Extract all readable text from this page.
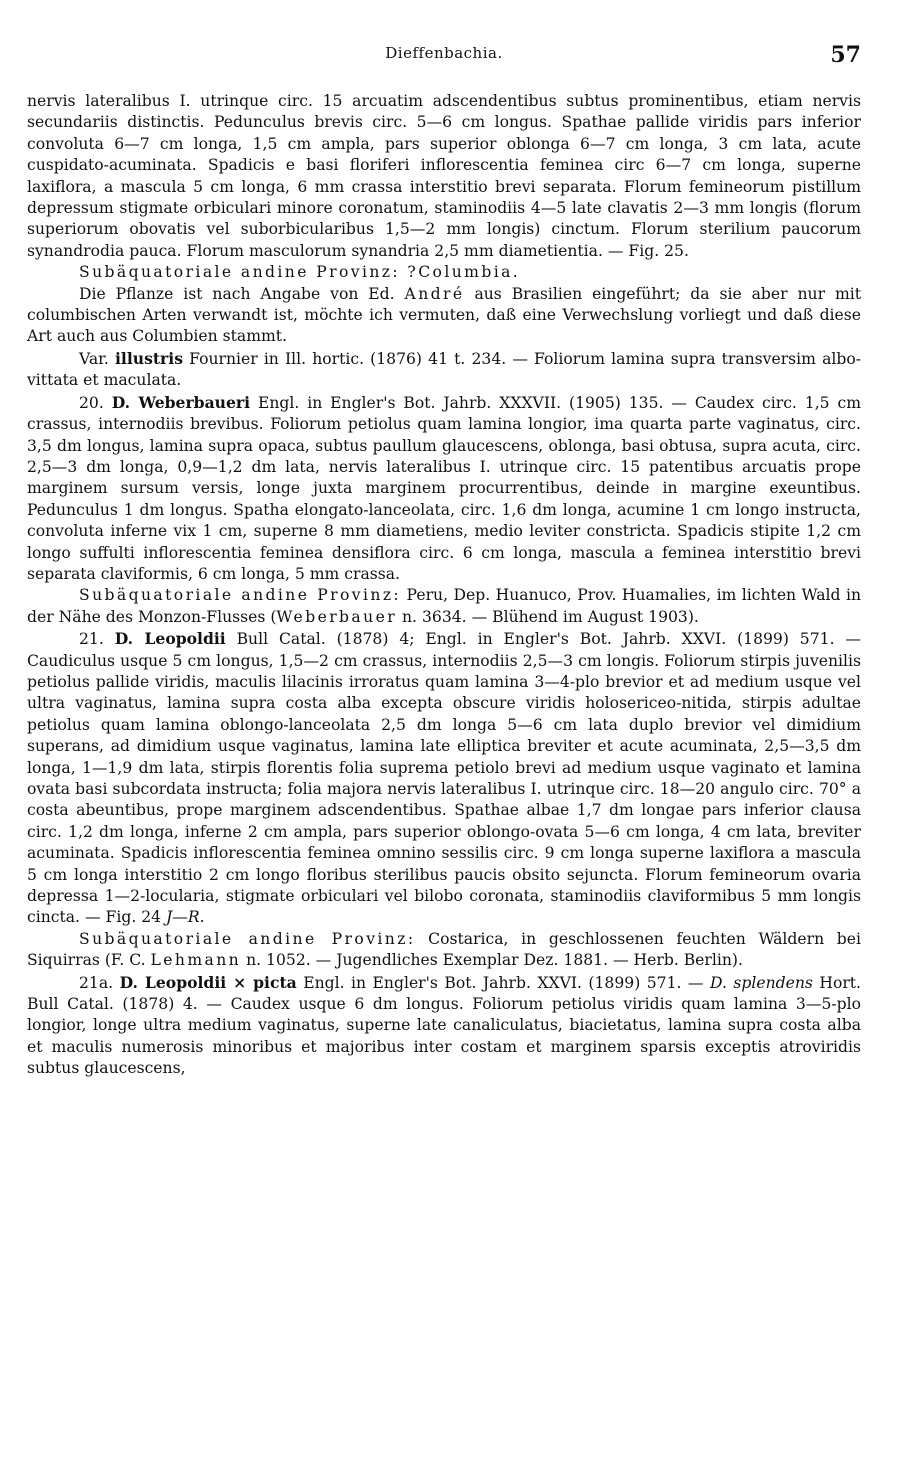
Dieffenbachia.	57

nervis lateralibus I. utrinque circ. 15 arcuatim adscendentibus subtus prominentibus, etiam nervis secundariis distinctis. Pedunculus brevis circ. 5—6 cm longus. Spathae pallide viridis pars inferior convoluta 6—7 cm longa, 1,5 cm ampla, pars superior oblonga 6—7 cm longa, 3 cm lata, acute cuspidato-acuminata. Spadicis e basi floriferi inflorescentia feminea circ 6—7 cm longa, superne laxiflora, a mascula 5 cm longa, 6 mm crassa interstitio brevi separata. Florum femineorum pistillum depressum stigmate orbiculari minore coronatum, staminodiis 4—5 late clavatis 2—3 mm longis (florum superiorum obovatis vel suborbicularibus 1,5—2 mm longis) cinctum. Florum sterilium paucorum synandrodia pauca. Florum masculorum synandria 2,5 mm diametientia. — Fig. 25.

Subäquatoriale andine Provinz: ?Columbia.

Die Pflanze ist nach Angabe von Ed. André aus Brasilien eingeführt; da sie aber nur mit columbischen Arten verwandt ist, möchte ich vermuten, daß eine Verwechslung vorliegt und daß diese Art auch aus Columbien stammt.

Var. illustris Fournier in Ill. hortic. (1876) 41 t. 234. — Foliorum lamina supra transversim albo-vittata et maculata.

20. D. Weberbaueri Engl. in Engler's Bot. Jahrb. XXXVII. (1905) 135. — Caudex circ. 1,5 cm crassus, internodiis brevibus. Foliorum petiolus quam lamina longior, ima quarta parte vaginatus, circ. 3,5 dm longus, lamina supra opaca, subtus paullum glaucescens, oblonga, basi obtusa, supra acuta, circ. 2,5—3 dm longa, 0,9—1,2 dm lata, nervis lateralibus I. utrinque circ. 15 patentibus arcuatis prope marginem sursum versis, longe juxta marginem procurrentibus, deinde in margine exeuntibus. Pedunculus 1 dm longus. Spatha elongato-lanceolata, circ. 1,6 dm longa, acumine 1 cm longo instructa, convoluta inferne vix 1 cm, superne 8 mm diametiens, medio leviter constricta. Spadicis stipite 1,2 cm longo suffulti inflorescentia feminea densiflora circ. 6 cm longa, mascula a feminea interstitio brevi separata claviformis, 6 cm longa, 5 mm crassa.

Subäquatoriale andine Provinz: Peru, Dep. Huanuco, Prov. Huamalies, im lichten Wald in der Nähe des Monzon-Flusses (Weberbauer n. 3634. — Blühend im August 1903).

21. D. Leopoldii Bull Catal. (1878) 4; Engl. in Engler's Bot. Jahrb. XXVI. (1899) 571. — Caudiculus usque 5 cm longus, 1,5—2 cm crassus, internodiis 2,5—3 cm longis. Foliorum stirpis juvenilis petiolus pallide viridis, maculis lilacinis irroratus quam lamina 3—4-plo brevior et ad medium usque vel ultra vaginatus, lamina supra costa alba excepta obscure viridis holosericeo-nitida, stirpis adultae petiolus quam lamina oblongo-lanceolata 2,5 dm longa 5—6 cm lata duplo brevior vel dimidium superans, ad dimidium usque vaginatus, lamina late elliptica breviter et acute acuminata, 2,5—3,5 dm longa, 1—1,9 dm lata, stirpis florentis folia suprema petiolo brevi ad medium usque vaginato et lamina ovata basi subcordata instructa; folia majora nervis lateralibus I. utrinque circ. 18—20 angulo circ. 70° a costa abeuntibus, prope marginem adscendentibus. Spathae albae 1,7 dm longae pars inferior clausa circ. 1,2 dm longa, inferne 2 cm ampla, pars superior oblongo-ovata 5—6 cm longa, 4 cm lata, breviter acuminata. Spadicis inflorescentia feminea omnino sessilis circ. 9 cm longa superne laxiflora a mascula 5 cm longa interstitio 2 cm longo floribus sterilibus paucis obsito sejuncta. Florum femineorum ovaria depressa 1—2-locularia, stigmate orbiculari vel bilobo coronata, staminodiis claviformibus 5 mm longis cincta. — Fig. 24 J—R.

Subäquatoriale andine Provinz: Costarica, in geschlossenen feuchten Wäldern bei Siquirras (F. C. Lehmann n. 1052. — Jugendliches Exemplar Dez. 1881. — Herb. Berlin).

21a. D. Leopoldii × picta Engl. in Engler's Bot. Jahrb. XXVI. (1899) 571. — D. splendens Hort. Bull Catal. (1878) 4. — Caudex usque 6 dm longus. Foliorum petiolus viridis quam lamina 3—5-plo longior, longe ultra medium vaginatus, superne late canaliculatus, biacietatus, lamina supra costa alba et maculis numerosis minoribus et majoribus inter costam et marginem sparsis exceptis atroviridis subtus glaucescens,
